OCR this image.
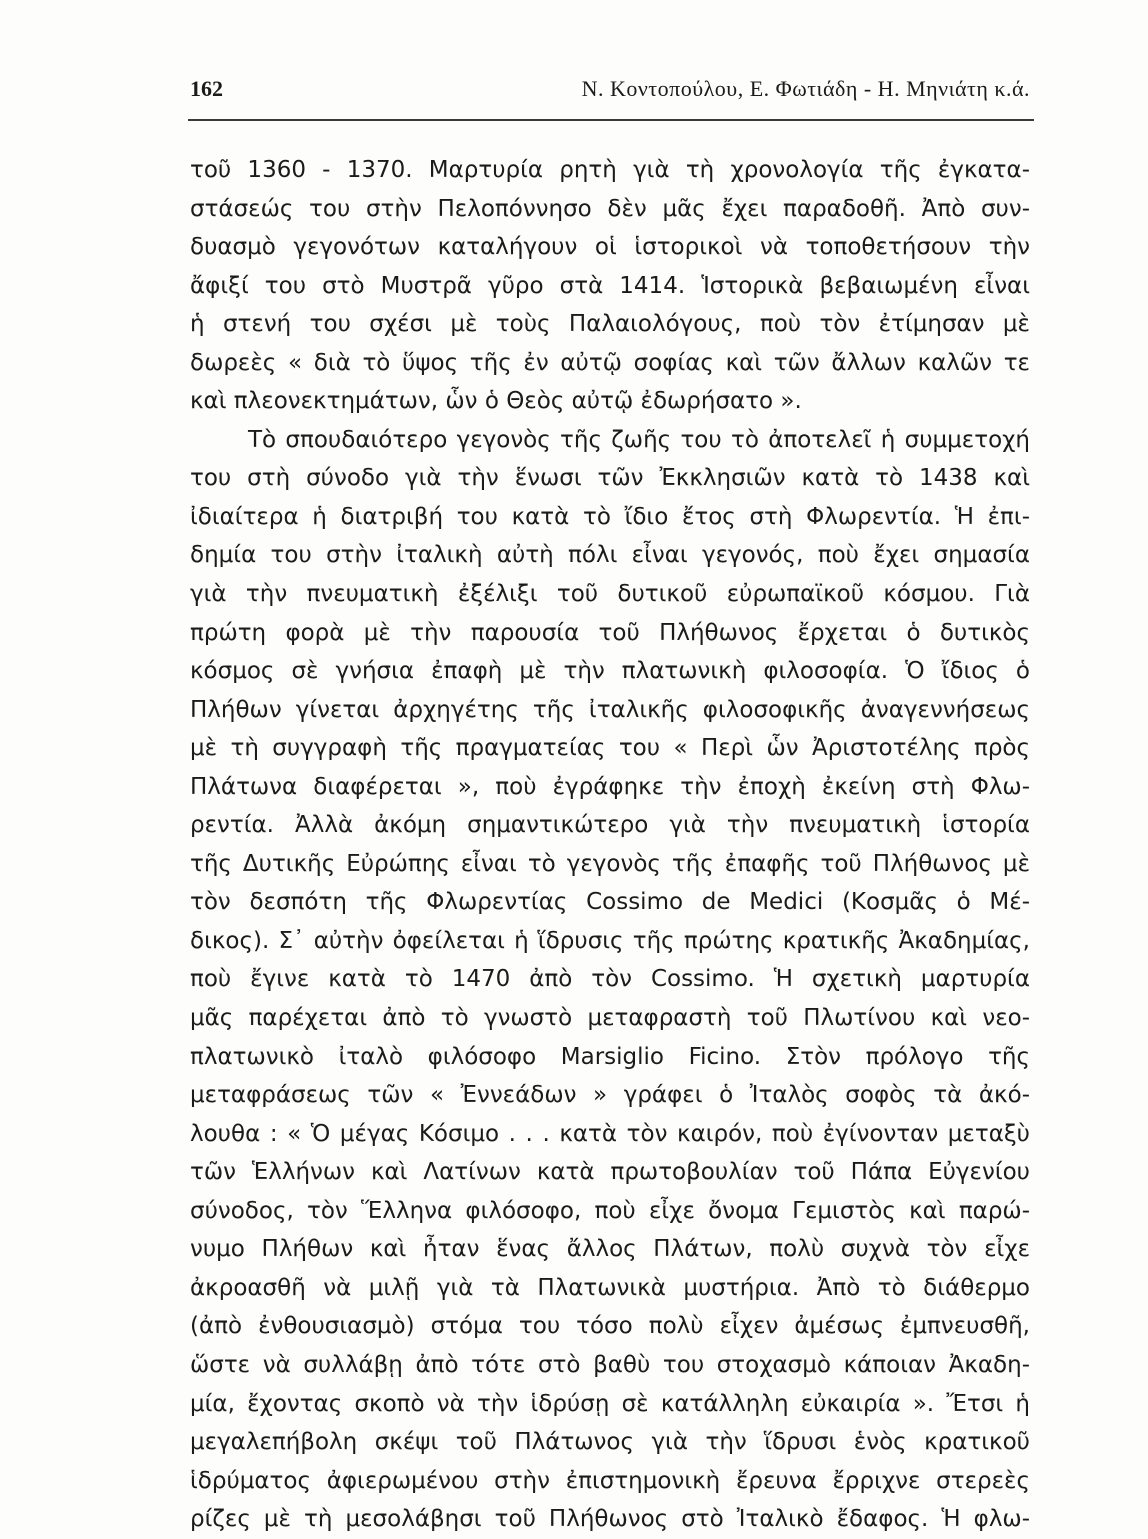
162	Ν. Κοντοπούλου, Ε. Φωτιάδη - Η. Μηνιάτη κ.ά.
τοῦ 1360 - 1370. Μαρτυρία ρητὴ γιὰ τὴ χρονολογία τῆς ἐγκατα-
στάσεώς του στὴν Πελοπόννησο δὲν μᾶς ἔχει παραδοθῆ. Ἀπὸ συν-
δυασμὸ γεγονότων καταλήγουν οἱ ἱστορικοὶ νὰ τοποθετήσουν τὴν
ἄφιξί του στὸ Μυστρᾶ γῦρο στὰ 1414. Ἱστορικὰ βεβαιωμένη εἶναι
ἡ στενή του σχέσι μὲ τοὺς Παλαιολόγους, ποὺ τὸν ἐτίμησαν μὲ
δωρεὲς « διὰ τὸ ὕψος τῆς ἐν αὐτῷ σοφίας καὶ τῶν ἄλλων καλῶν τε
καὶ πλεονεκτημάτων, ὧν ὁ Θεὸς αὐτῷ ἐδωρήσατο ».
Τὸ σπουδαιότερο γεγονὸς τῆς ζωῆς του τὸ ἀποτελεῖ ἡ συμμετοχή
του στὴ σύνοδο γιὰ τὴν ἕνωσι τῶν Ἐκκλησιῶν κατὰ τὸ 1438 καὶ
ἰδιαίτερα ἡ διατριβή του κατὰ τὸ ἴδιο ἔτος στὴ Φλωρεντία. Ἡ ἐπι-
δημία του στὴν ἰταλικὴ αὐτὴ πόλι εἶναι γεγονός, ποὺ ἔχει σημασία
γιὰ τὴν πνευματικὴ ἐξέλιξι τοῦ δυτικοῦ εὐρωπαϊκοῦ κόσμου. Γιὰ
πρώτη φορὰ μὲ τὴν παρουσία τοῦ Πλήθωνος ἔρχεται ὁ δυτικὸς
κόσμος σὲ γνήσια ἐπαφὴ μὲ τὴν πλατωνικὴ φιλοσοφία. Ὁ ἴδιος ὁ
Πλήθων γίνεται ἀρχηγέτης τῆς ἰταλικῆς φιλοσοφικῆς ἀναγεννήσεως
μὲ τὴ συγγραφὴ τῆς πραγματείας του « Περὶ ὧν Ἀριστοτέλης πρὸς
Πλάτωνα διαφέρεται », ποὺ ἐγράφηκε τὴν ἐποχὴ ἐκείνη στὴ Φλω-
ρεντία. Ἀλλὰ ἀκόμη σημαντικώτερο γιὰ τὴν πνευματικὴ ἱστορία
τῆς Δυτικῆς Εὐρώπης εἶναι τὸ γεγονὸς τῆς ἐπαφῆς τοῦ Πλήθωνος μὲ
τὸν δεσπότη τῆς Φλωρεντίας Cossimo de Medici (Κοσμᾶς ὁ Μέ-
δικος). Σ᾽ αὐτὴν ὀφείλεται ἡ ἵδρυσις τῆς πρώτης κρατικῆς Ἀκαδημίας,
ποὺ ἔγινε κατὰ τὸ 1470 ἀπὸ τὸν Cossimo. Ἡ σχετικὴ μαρτυρία
μᾶς παρέχεται ἀπὸ τὸ γνωστὸ μεταφραστὴ τοῦ Πλωτίνου καὶ νεο-
πλατωνικὸ ἰταλὸ φιλόσοφο Marsiglio Ficino. Στὸν πρόλογο τῆς
μεταφράσεως τῶν « Ἐννεάδων » γράφει ὁ Ἰταλὸς σοφὸς τὰ ἀκό-
λουθα : « Ὁ μέγας Κόσιμο . . . κατὰ τὸν καιρόν, ποὺ ἐγίνονταν μεταξὺ
τῶν Ἑλλήνων καὶ Λατίνων κατὰ πρωτοβουλίαν τοῦ Πάπα Εὐγενίου
σύνοδος, τὸν Ἕλληνα φιλόσοφο, ποὺ εἶχε ὄνομα Γεμιστὸς καὶ παρώ-
νυμο Πλήθων καὶ ἦταν ἕνας ἄλλος Πλάτων, πολὺ συχνὰ τὸν εἶχε
ἀκροασθῆ νὰ μιλῇ γιὰ τὰ Πλατωνικὰ μυστήρια. Ἀπὸ τὸ διάθερμο
(ἀπὸ ἐνθουσιασμὸ) στόμα του τόσο πολὺ εἶχεν ἀμέσως ἐμπνευσθῆ,
ὥστε νὰ συλλάβῃ ἀπὸ τότε στὸ βαθὺ του στοχασμὸ κάποιαν Ἀκαδη-
μία, ἔχοντας σκοπὸ νὰ τὴν ἱδρύσῃ σὲ κατάλληλη εὐκαιρία ». Ἔτσι ἡ
μεγαλεπήβολη σκέψι τοῦ Πλάτωνος γιὰ τὴν ἵδρυσι ἑνὸς κρατικοῦ
ἱδρύματος ἀφιερωμένου στὴν ἐπιστημονικὴ ἔρευνα ἔρριχνε στερεὲς
ρίζες μὲ τὴ μεσολάβησι τοῦ Πλήθωνος στὸ Ἰταλικὸ ἔδαφος. Ἡ φλω-
